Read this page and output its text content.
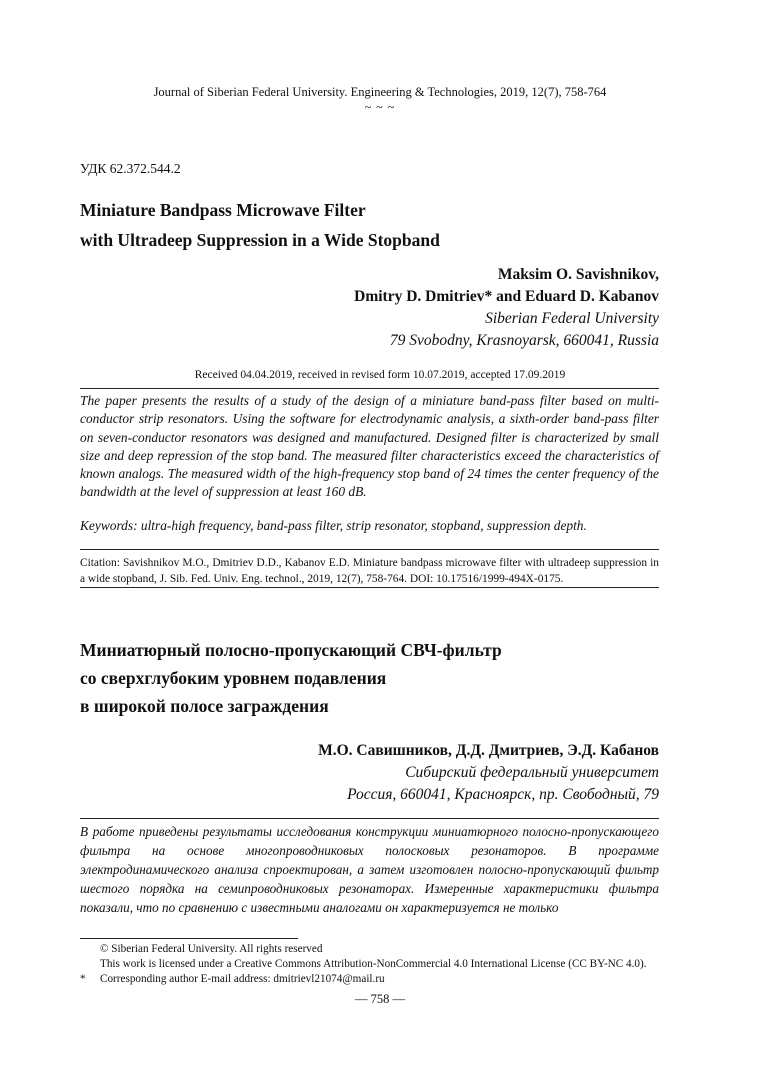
Journal of Siberian Federal University. Engineering & Technologies, 2019, 12(7), 758-764
~ ~ ~
УДК 62.372.544.2
Miniature Bandpass Microwave Filter
with Ultradeep Suppression in a Wide Stopband
Maksim O. Savishnikov,
Dmitry D. Dmitriev* and Eduard D. Kabanov
Siberian Federal University
79 Svobodny, Krasnoyarsk, 660041, Russia
Received 04.04.2019, received in revised form 10.07.2019, accepted 17.09.2019
The paper presents the results of a study of the design of a miniature band-pass filter based on multi-conductor strip resonators. Using the software for electrodynamic analysis, a sixth-order band-pass filter on seven-conductor resonators was designed and manufactured. Designed filter is characterized by small size and deep repression of the stop band. The measured filter characteristics exceed the characteristics of known analogs. The measured width of the high-frequency stop band of 24 times the center frequency of the bandwidth at the level of suppression at least 160 dB.
Keywords: ultra-high frequency, band-pass filter, strip resonator, stopband, suppression depth.
Citation: Savishnikov M.O., Dmitriev D.D., Kabanov E.D. Miniature bandpass microwave filter with ultradeep suppression in a wide stopband, J. Sib. Fed. Univ. Eng. technol., 2019, 12(7), 758-764. DOI: 10.17516/1999-494X-0175.
Миниатюрный полосно-пропускающий СВЧ-фильтр
со сверхглубоким уровнем подавления
в широкой полосе заграждения
М.О. Савишников, Д.Д. Дмитриев, Э.Д. Кабанов
Сибирский федеральный университет
Россия, 660041, Красноярск, пр. Свободный, 79
В работе приведены результаты исследования конструкции миниатюрного полосно-пропускающего фильтра на основе многопроводниковых полосковых резонаторов. В программе электродинамического анализа спроектирован, а затем изготовлен полосно-пропускающий фильтр шестого порядка на семипроводниковых резонаторах. Измеренные характеристики фильтра показали, что по сравнению с известными аналогами он характеризуется не только
© Siberian Federal University. All rights reserved
This work is licensed under a Creative Commons Attribution-NonCommercial 4.0 International License (CC BY-NC 4.0).
* Corresponding author E-mail address: dmitrievl21074@mail.ru
— 758 —
